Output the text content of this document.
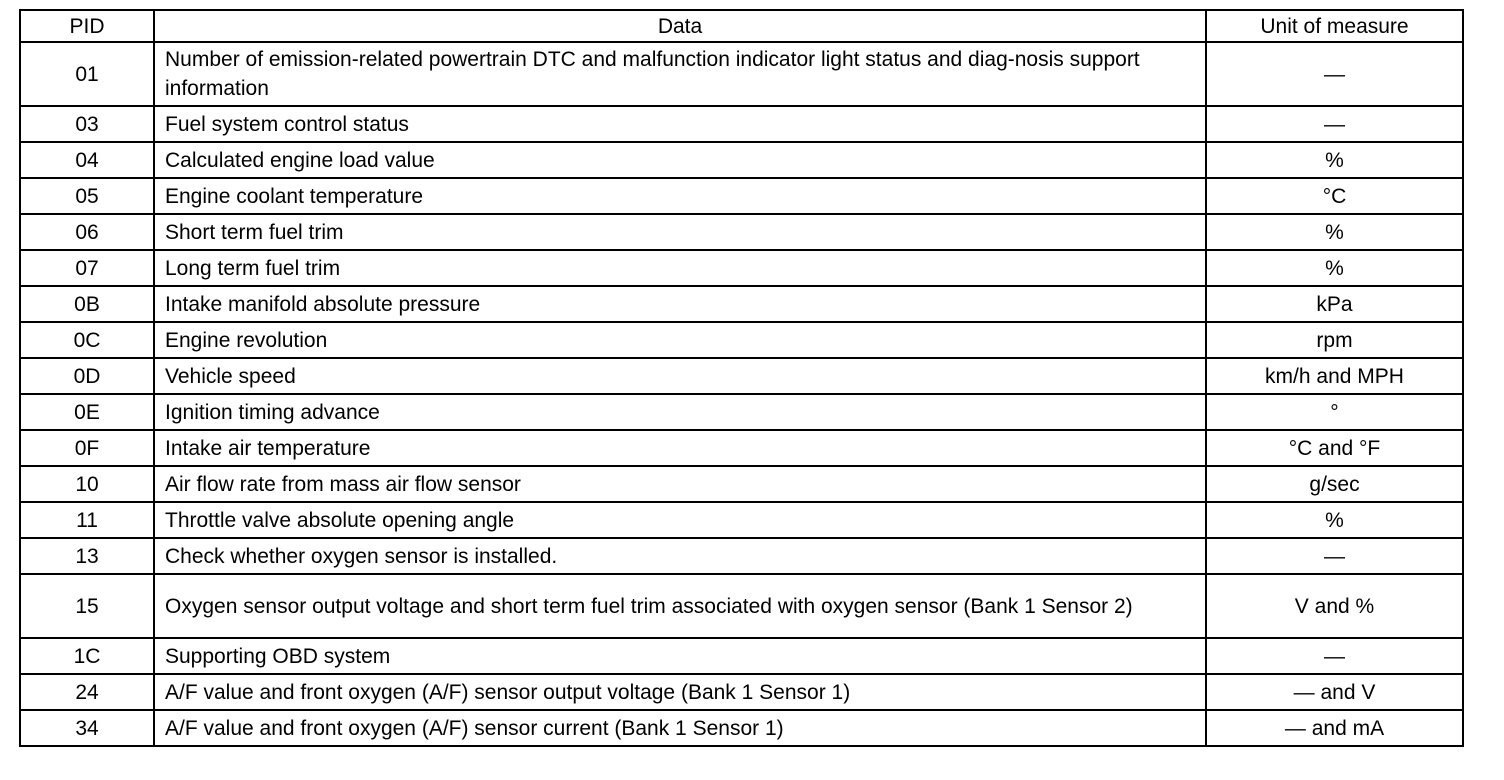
PID	Data	Unit of measure
01	Number of emission-related powertrain DTC and malfunction indicator light status and diag-nosis support information	—
03	Fuel system control status	—
04	Calculated engine load value	%
05	Engine coolant temperature	°C
06	Short term fuel trim	%
07	Long term fuel trim	%
0B	Intake manifold absolute pressure	kPa
0C	Engine revolution	rpm
0D	Vehicle speed	km/h and MPH
0E	Ignition timing advance	°
0F	Intake air temperature	°C and °F
10	Air flow rate from mass air flow sensor	g/sec
11	Throttle valve absolute opening angle	%
13	Check whether oxygen sensor is installed.	—
15	Oxygen sensor output voltage and short term fuel trim associated with oxygen sensor (Bank 1 Sensor 2)	V and %
1C	Supporting OBD system	—
24	A/F value and front oxygen (A/F) sensor output voltage (Bank 1 Sensor 1)	— and V
34	A/F value and front oxygen (A/F) sensor current (Bank 1 Sensor 1)	— and mA
